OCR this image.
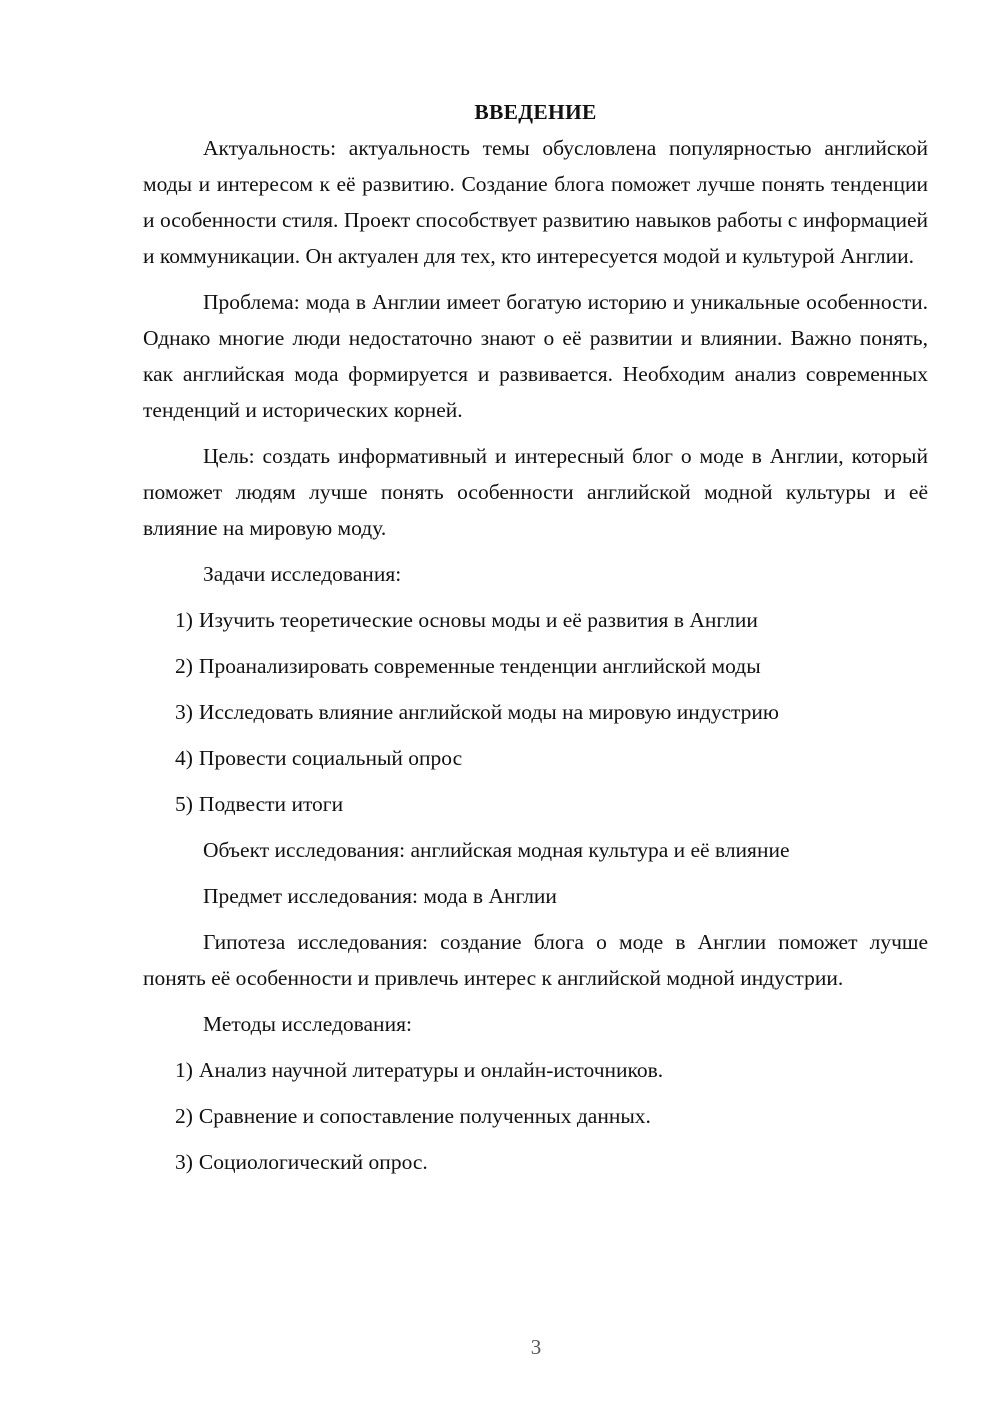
ВВЕДЕНИЕ

Актуальность: актуальность темы обусловлена популярностью английской моды и интересом к её развитию. Создание блога поможет лучше понять тенденции и особенности стиля. Проект способствует развитию навыков работы с информацией и коммуникации. Он актуален для тех, кто интересуется модой и культурой Англии.

Проблема: мода в Англии имеет богатую историю и уникальные особенности. Однако многие люди недостаточно знают о её развитии и влиянии. Важно понять, как английская мода формируется и развивается. Необходим анализ современных тенденций и исторических корней.

Цель: создать информативный и интересный блог о моде в Англии, который поможет людям лучше понять особенности английской модной культуры и её влияние на мировую моду.

Задачи исследования:

1) Изучить теоретические основы моды и её развития в Англии
2) Проанализировать современные тенденции английской моды
3) Исследовать влияние английской моды на мировую индустрию
4) Провести социальный опрос
5) Подвести итоги

Объект исследования: английская модная культура и её влияние

Предмет исследования: мода в Англии

Гипотеза исследования: создание блога о моде в Англии поможет лучше понять её особенности и привлечь интерес к английской модной индустрии.

Методы исследования:

1) Анализ научной литературы и онлайн-источников.
2) Сравнение и сопоставление полученных данных.
3) Социологический опрос.
3
